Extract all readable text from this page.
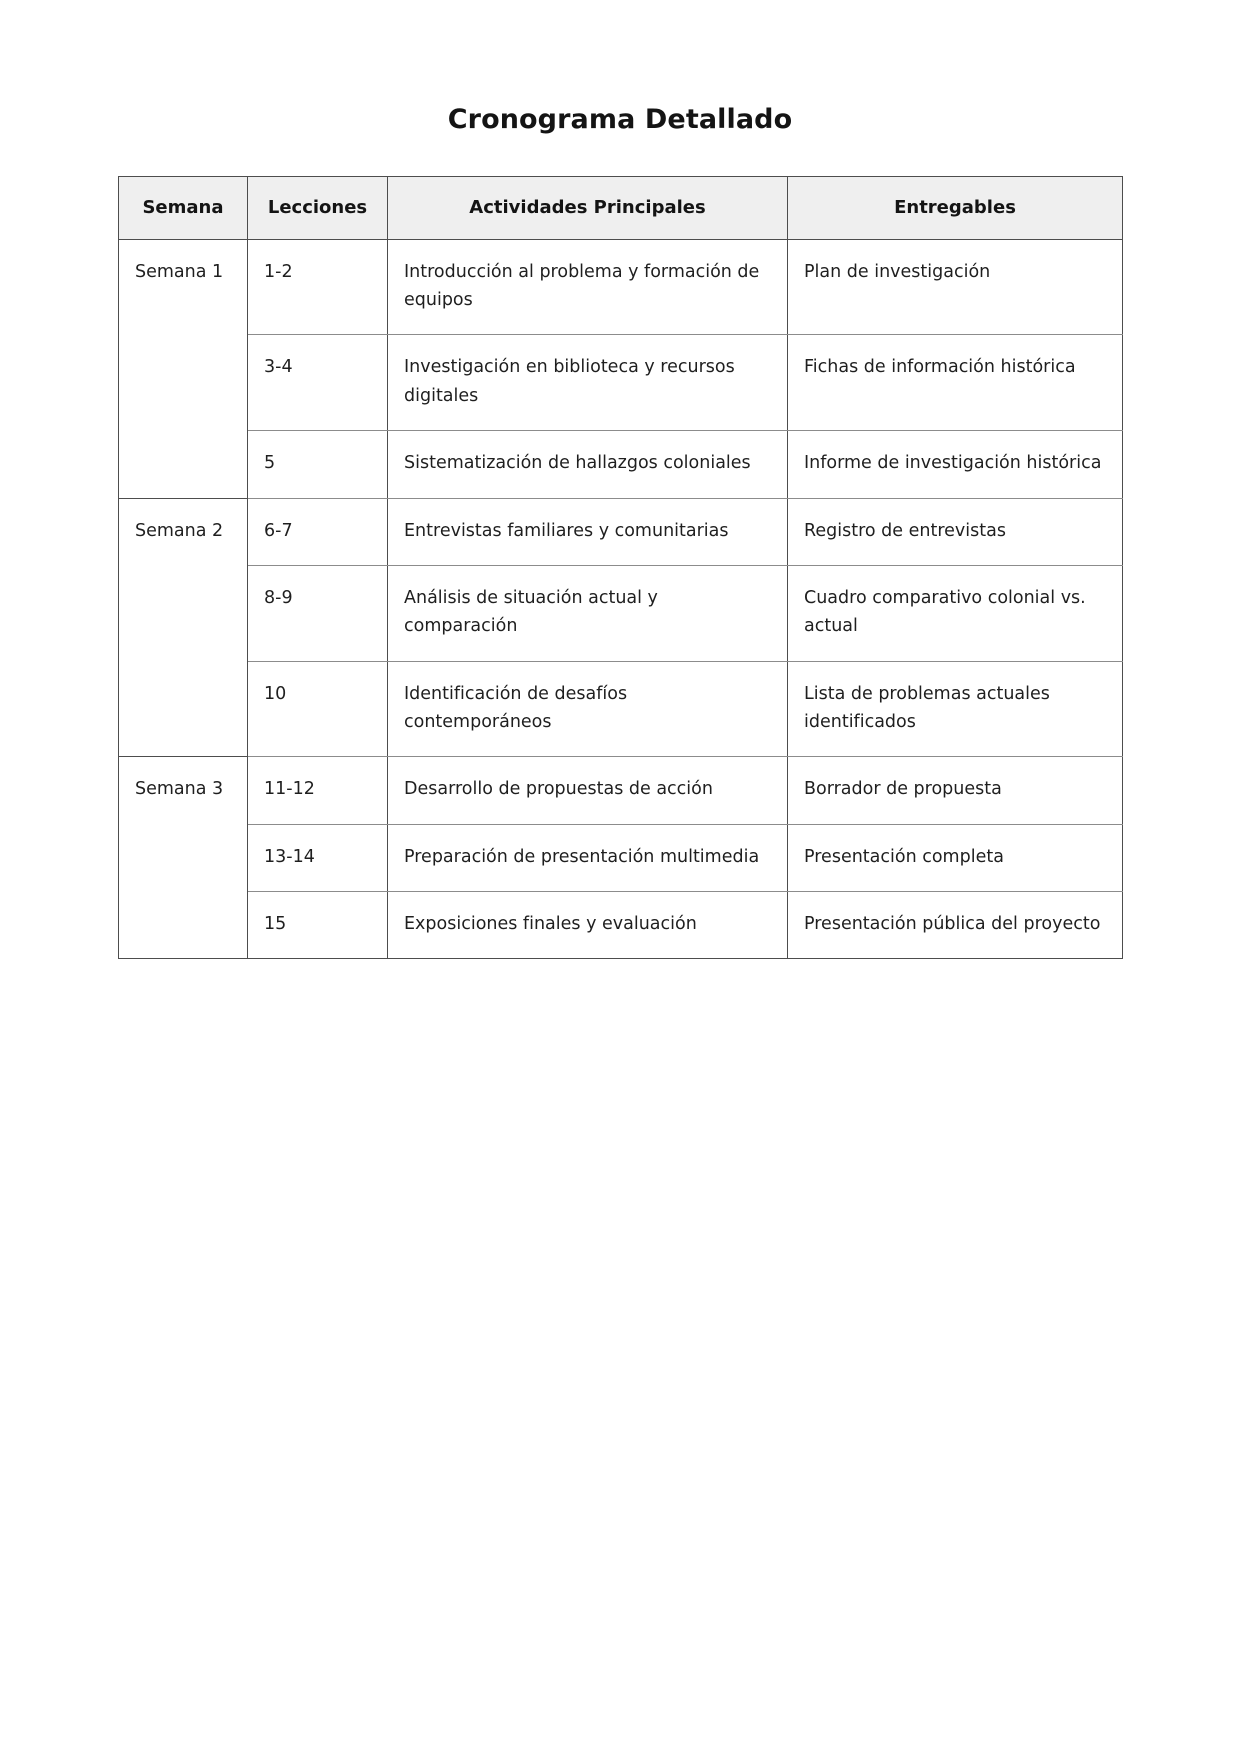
Cronograma Detallado
Semana	Lecciones	Actividades Principales	Entregables
Semana 1	1-2	Introducción al problema y formación de equipos	Plan de investigación
	3-4	Investigación en biblioteca y recursos digitales	Fichas de información histórica
	5	Sistematización de hallazgos coloniales	Informe de investigación histórica
Semana 2	6-7	Entrevistas familiares y comunitarias	Registro de entrevistas
	8-9	Análisis de situación actual y comparación	Cuadro comparativo colonial vs. actual
	10	Identificación de desafíos contemporáneos	Lista de problemas actuales identificados
Semana 3	11-12	Desarrollo de propuestas de acción	Borrador de propuesta
	13-14	Preparación de presentación multimedia	Presentación completa
	15	Exposiciones finales y evaluación	Presentación pública del proyecto
